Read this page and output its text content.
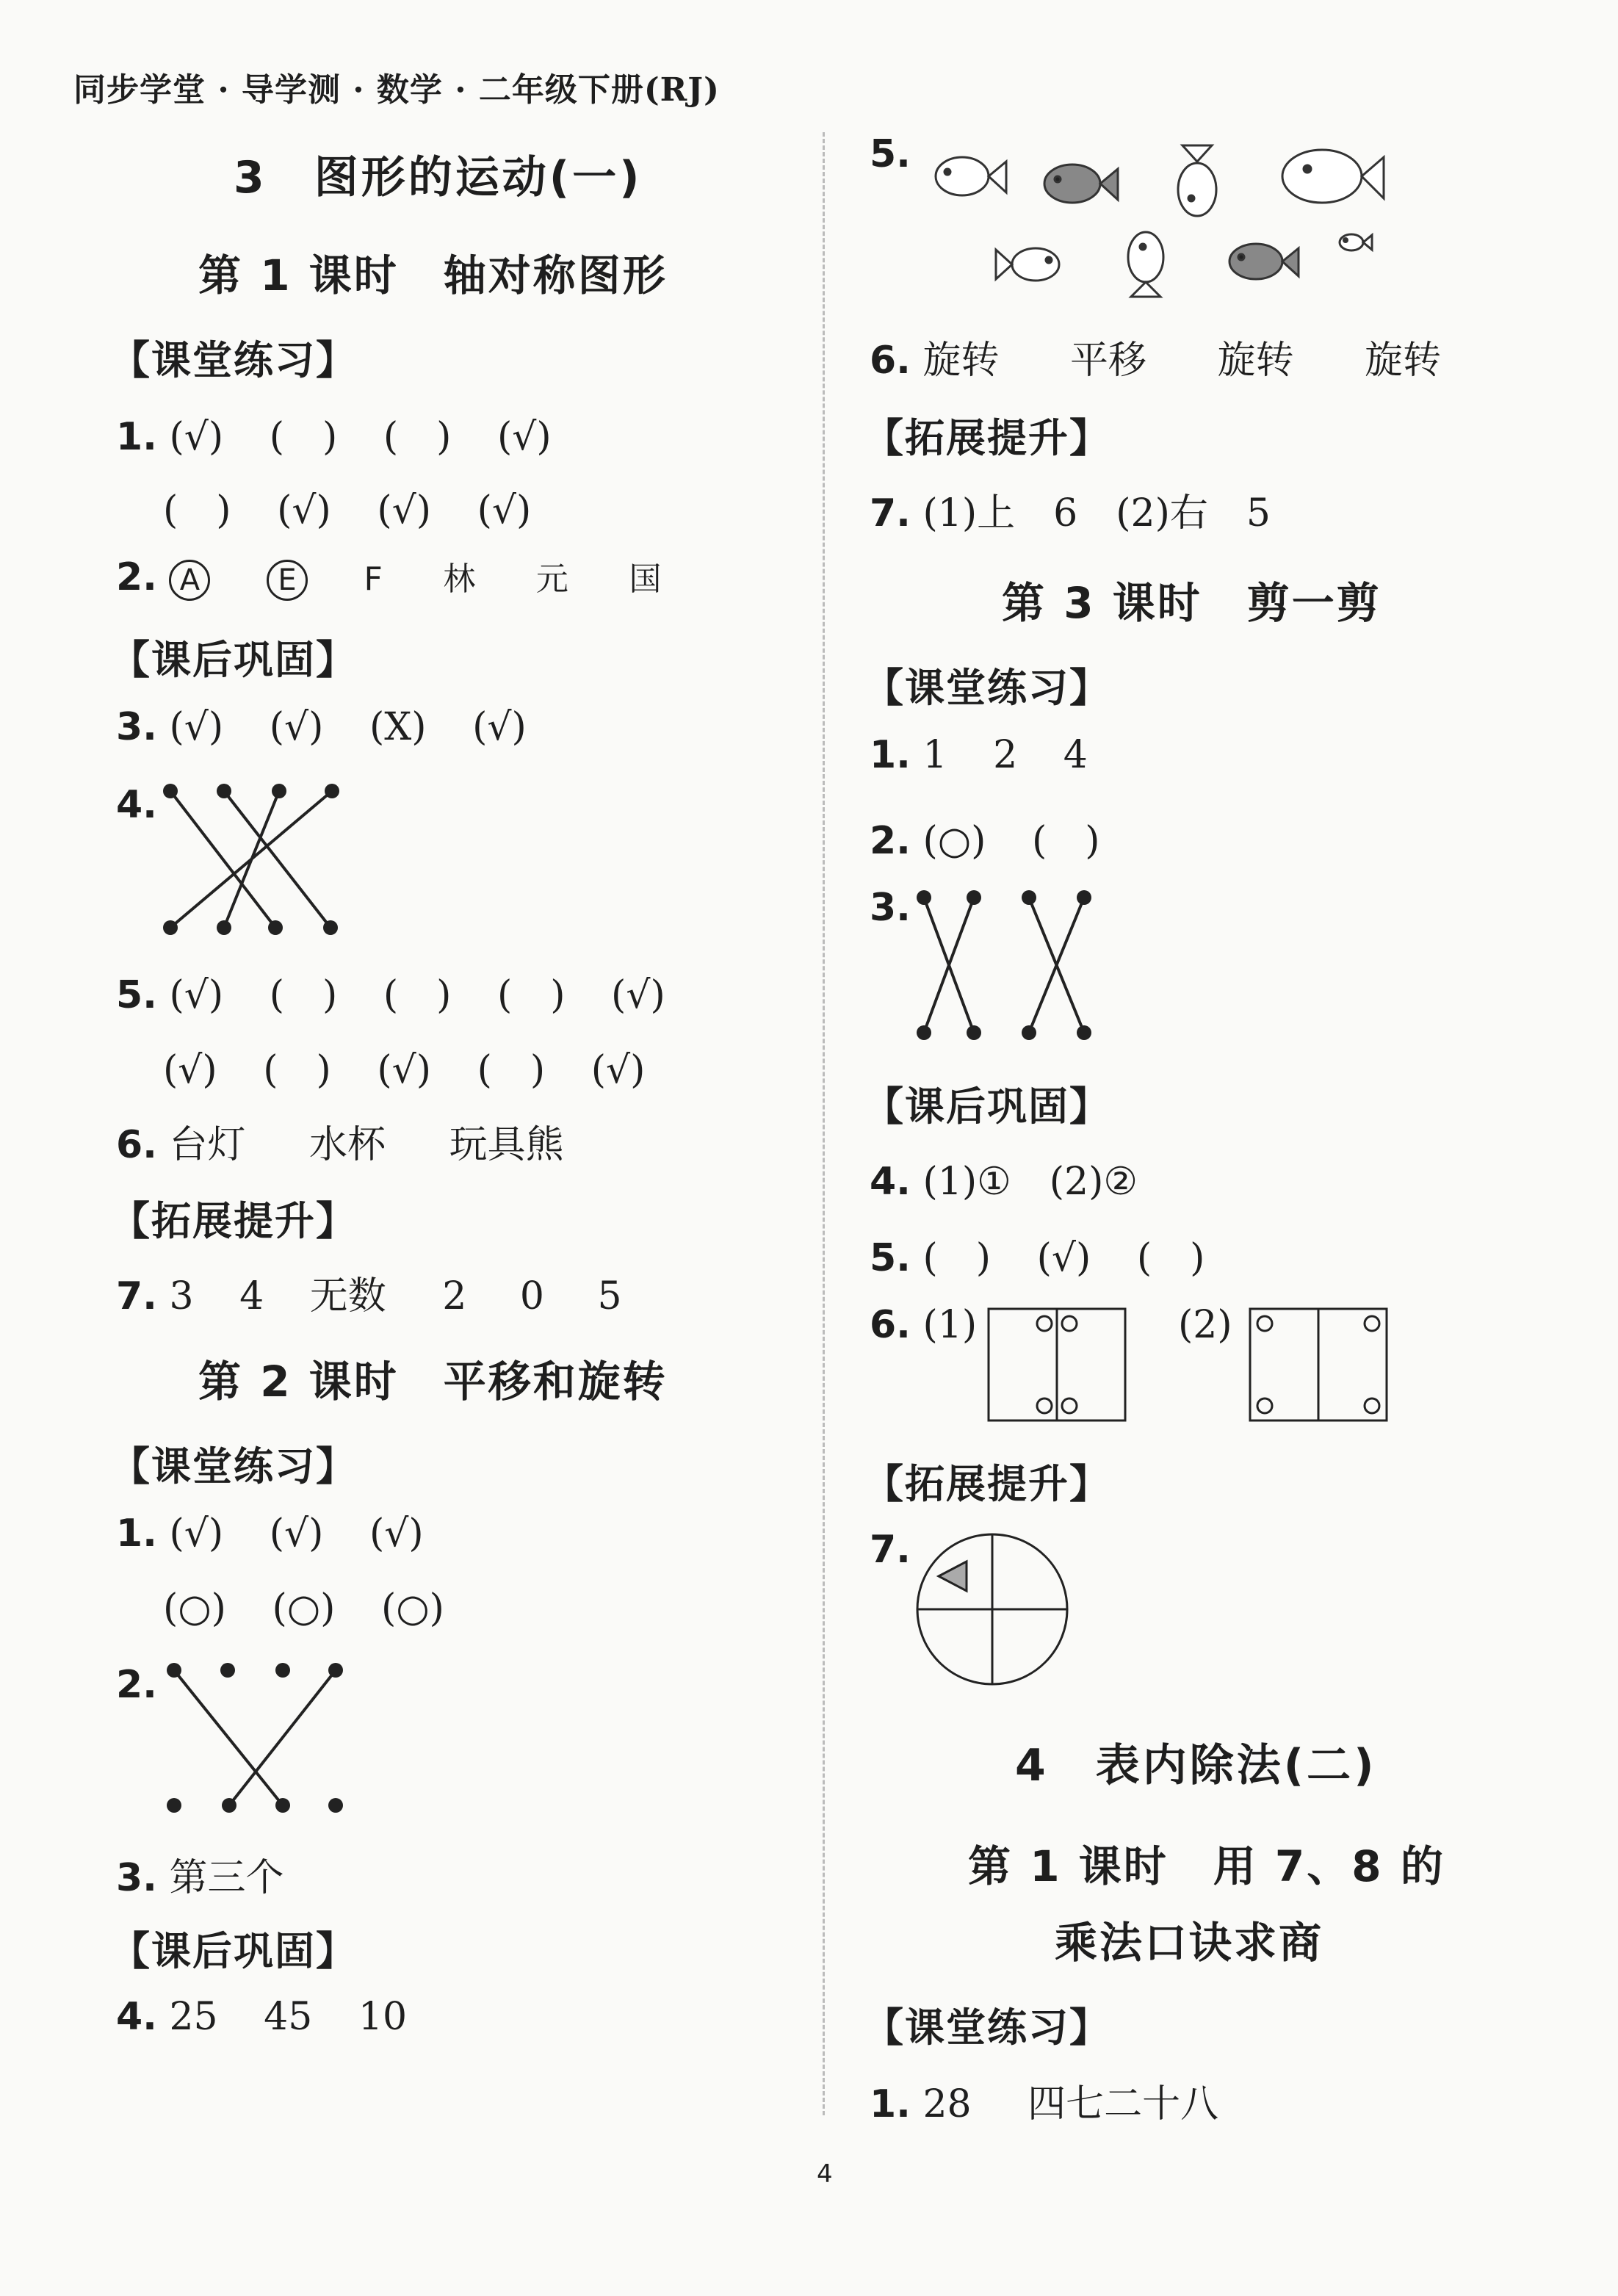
同步学堂 · 导学测 · 数学 · 二年级下册(RJ)
3　图形的运动(一)
第 1 课时　轴对称图形
【课堂练习】
1. (√) (　) (　) (√)
(　) (√) (√) (√)
2. A	E F 林 元 国
【课后巩固】
3. (√) (√) (X) (√)
4.
5. (√) (　) (　) (　) (√)
(√) (　) (√) (　) (√)
6. 台灯 水杯 玩具熊
【拓展提升】
7. 3 4 无数 2 0 5
第 2 课时　平移和旋转
【课堂练习】
1. (√) (√) (√)
(○) (○) (○)
2.
3. 第三个
【课后巩固】
4. 25 45 10
5.
6. 旋转 平移 旋转 旋转
【拓展提升】
7. (1)上　6　(2)右　5
第 3 课时　剪一剪
【课堂练习】
1. 1 2 4
2. (○) (　)
3.
【课后巩固】
4. (1)①　(2)②
5. (　) (√) (　)
6. (1)	(2)
【拓展提升】
7.
4　表内除法(二)
第 1 课时　用 7、8 的
乘法口诀求商
【课堂练习】
1. 28 四七二十八
4
